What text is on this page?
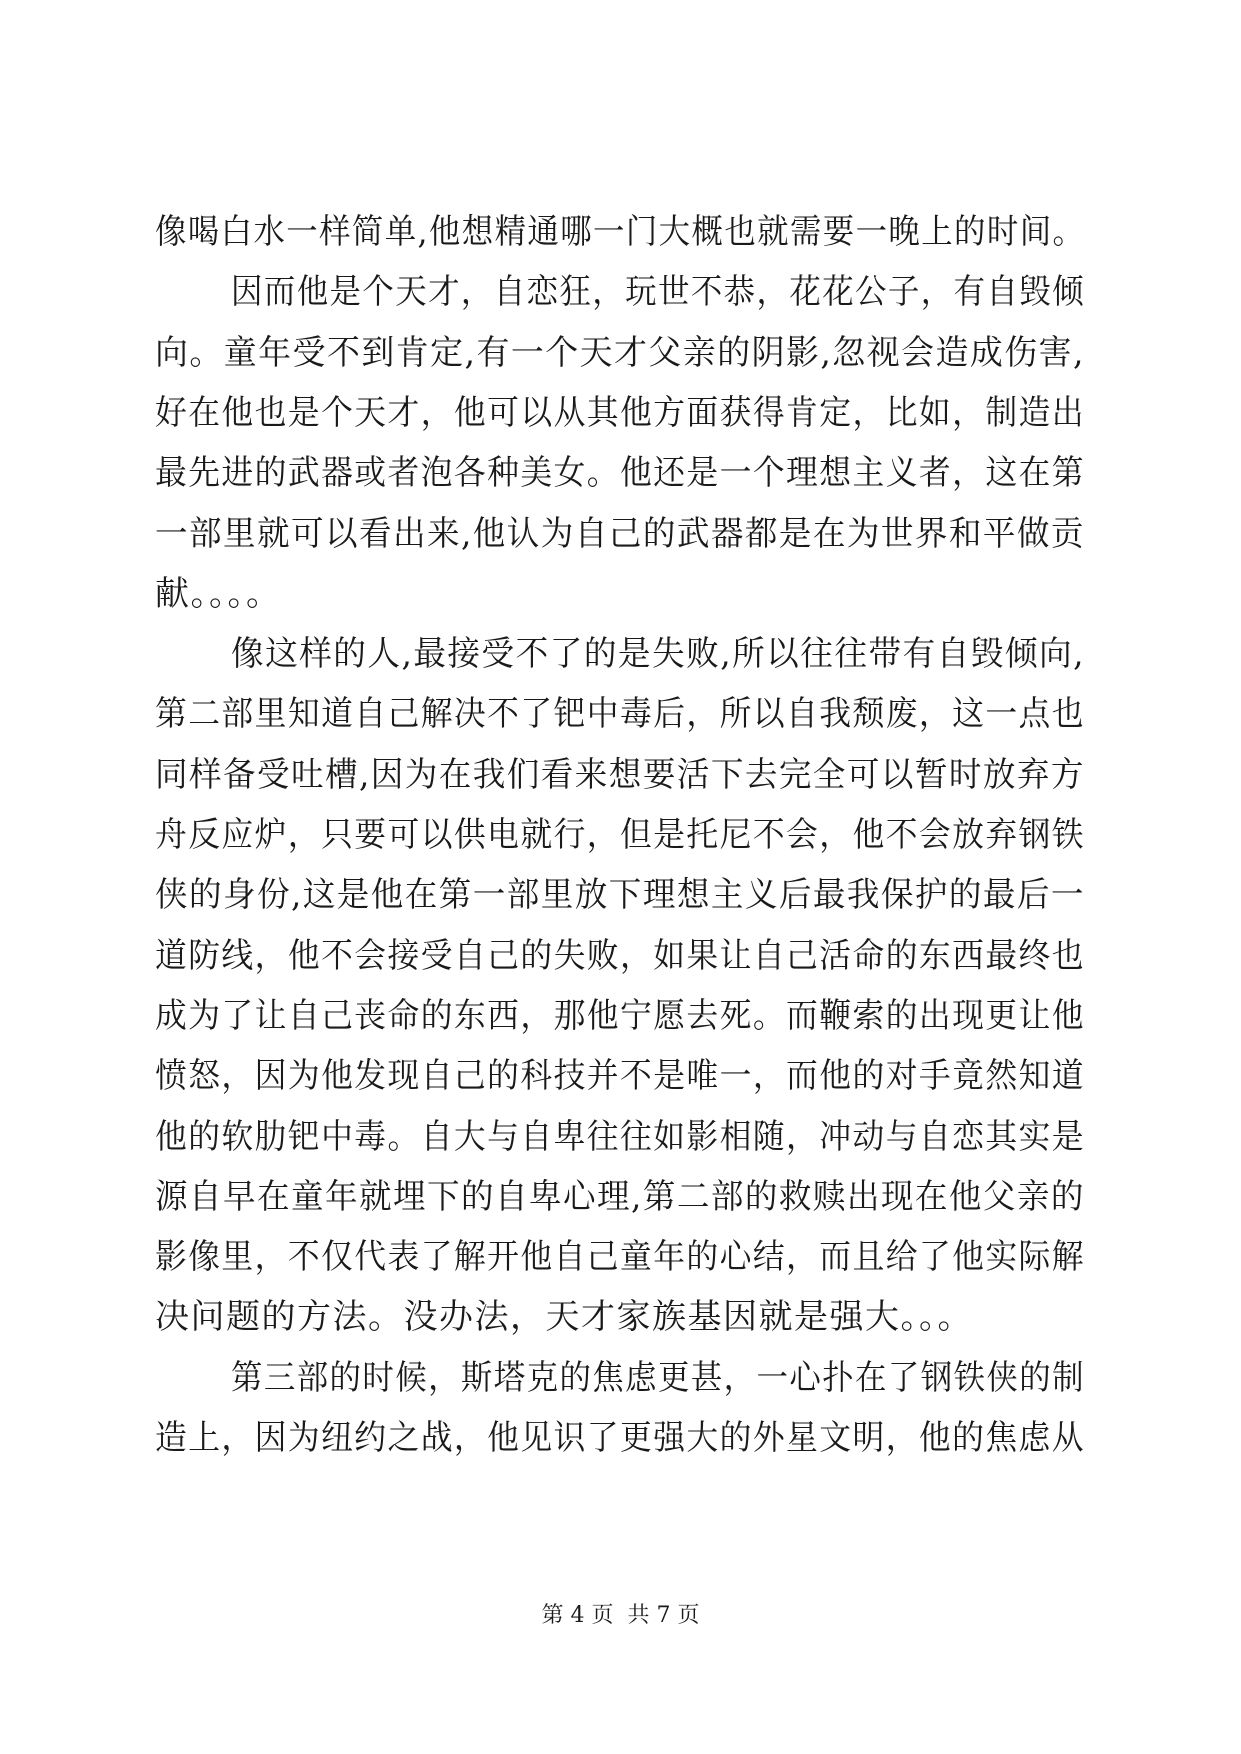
像喝白水一样简单,他想精通哪一门大概也就需要一晚上的时间。
因而他是个天才，自恋狂，玩世不恭，花花公子，有自毁倾
向。童年受不到肯定,有一个天才父亲的阴影,忽视会造成伤害,
好在他也是个天才，他可以从其他方面获得肯定，比如，制造出
最先进的武器或者泡各种美女。他还是一个理想主义者，这在第
一部里就可以看出来,他认为自己的武器都是在为世界和平做贡
献。。。。
像这样的人,最接受不了的是失败,所以往往带有自毁倾向,
第二部里知道自己解决不了钯中毒后，所以自我颓废，这一点也
同样备受吐槽,因为在我们看来想要活下去完全可以暂时放弃方
舟反应炉，只要可以供电就行，但是托尼不会，他不会放弃钢铁
侠的身份,这是他在第一部里放下理想主义后最我保护的最后一
道防线，他不会接受自己的失败，如果让自己活命的东西最终也
成为了让自己丧命的东西，那他宁愿去死。而鞭索的出现更让他
愤怒，因为他发现自己的科技并不是唯一，而他的对手竟然知道
他的软肋钯中毒。自大与自卑往往如影相随，冲动与自恋其实是
源自早在童年就埋下的自卑心理,第二部的救赎出现在他父亲的
影像里，不仅代表了解开他自己童年的心结，而且给了他实际解
决问题的方法。没办法，天才家族基因就是强大。。。
第三部的时候，斯塔克的焦虑更甚，一心扑在了钢铁侠的制
造上，因为纽约之战，他见识了更强大的外星文明，他的焦虑从
第 4 页  共 7 页
